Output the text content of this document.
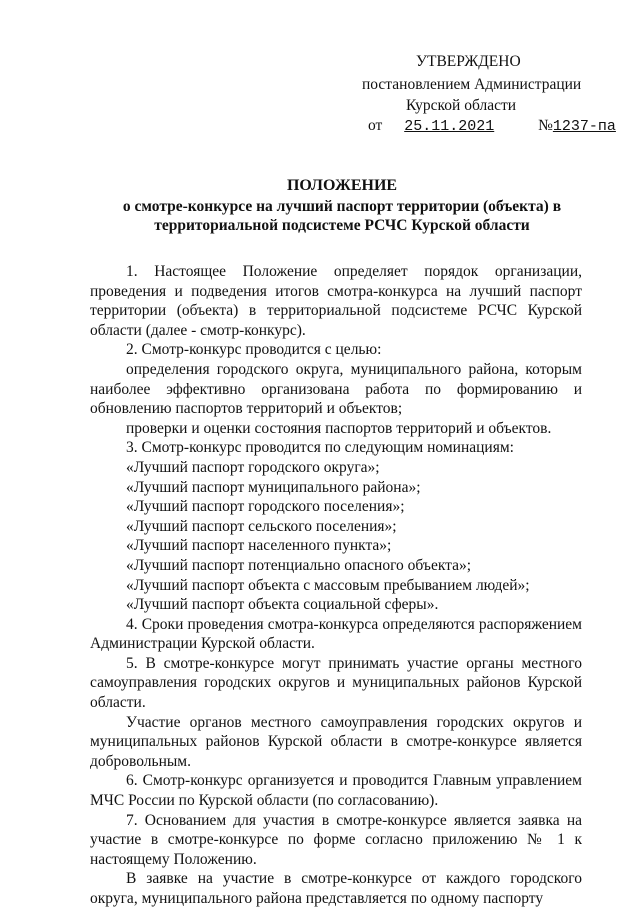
УТВЕРЖДЕНО
постановлением Администрации
Курской области
от 25.11.2021	№1237-па
ПОЛОЖЕНИЕ
о смотре-конкурсе на лучший паспорт территории (объекта) в
территориальной подсистеме РСЧС Курской области

1. Настоящее Положение определяет порядок организации, проведения и подведения итогов смотра-конкурса на лучший паспорт территории (объекта) в территориальной подсистеме РСЧС Курской области (далее - смотр-конкурс).

2. Смотр-конкурс проводится с целью:

определения городского округа, муниципального района, которым наиболее эффективно организована работа по формированию и обновлению паспортов территорий и объектов;

проверки и оценки состояния паспортов территорий и объектов.

3. Смотр-конкурс проводится по следующим номинациям:

«Лучший паспорт городского округа»;

«Лучший паспорт муниципального района»;

«Лучший паспорт городского поселения»;

«Лучший паспорт сельского поселения»;

«Лучший паспорт населенного пункта»;

«Лучший паспорт потенциально опасного объекта»;

«Лучший паспорт объекта с массовым пребыванием людей»;

«Лучший паспорт объекта социальной сферы».

4. Сроки проведения смотра-конкурса определяются распоряжением Администрации Курской области.

5. В смотре-конкурсе могут принимать участие органы местного самоуправления городских округов и муниципальных районов Курской области.

Участие органов местного самоуправления городских округов и муниципальных районов Курской области в смотре-конкурсе является добровольным.

6. Смотр-конкурс организуется и проводится Главным управлением МЧС России по Курской области (по согласованию).

7. Основанием для участия в смотре-конкурсе является заявка на участие в смотре-конкурсе по форме согласно приложению № 1 к настоящему Положению.

В заявке на участие в смотре-конкурсе от каждого городского округа, муниципального района представляется по одному паспорту
